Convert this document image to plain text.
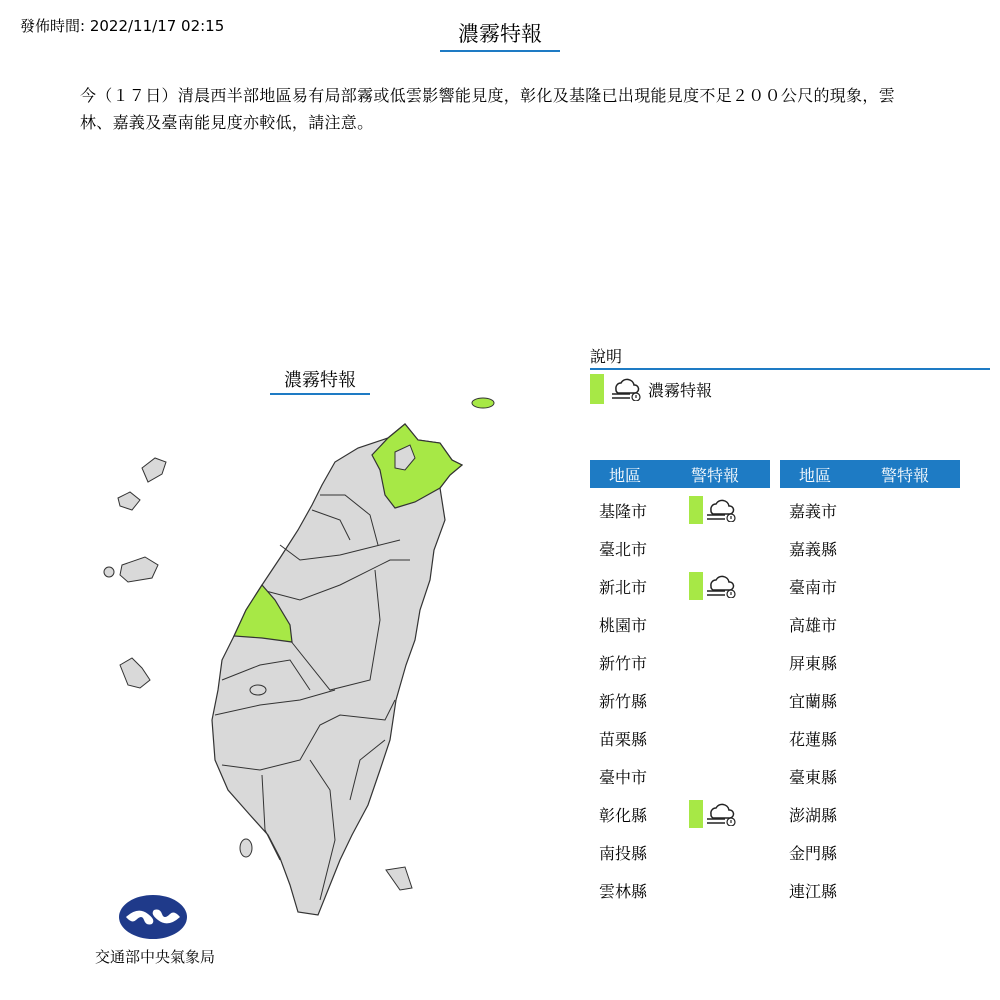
發佈時間: 2022/11/17 02:15	濃霧特報
今（１７日）清晨西半部地區易有局部霧或低雲影響能見度，彰化及基隆已出現能見度不足２００公尺的現象，雲林、嘉義及臺南能見度亦較低，請注意。
濃霧特報
說明
濃霧特報
地區	警特報
基隆市
臺北市
新北市
桃園市
新竹市
新竹縣
苗栗縣
臺中市
彰化縣
南投縣
雲林縣
地區	警特報
嘉義市
嘉義縣
臺南市
高雄市
屏東縣
宜蘭縣
花蓮縣
臺東縣
澎湖縣
金門縣
連江縣
交通部中央氣象局
